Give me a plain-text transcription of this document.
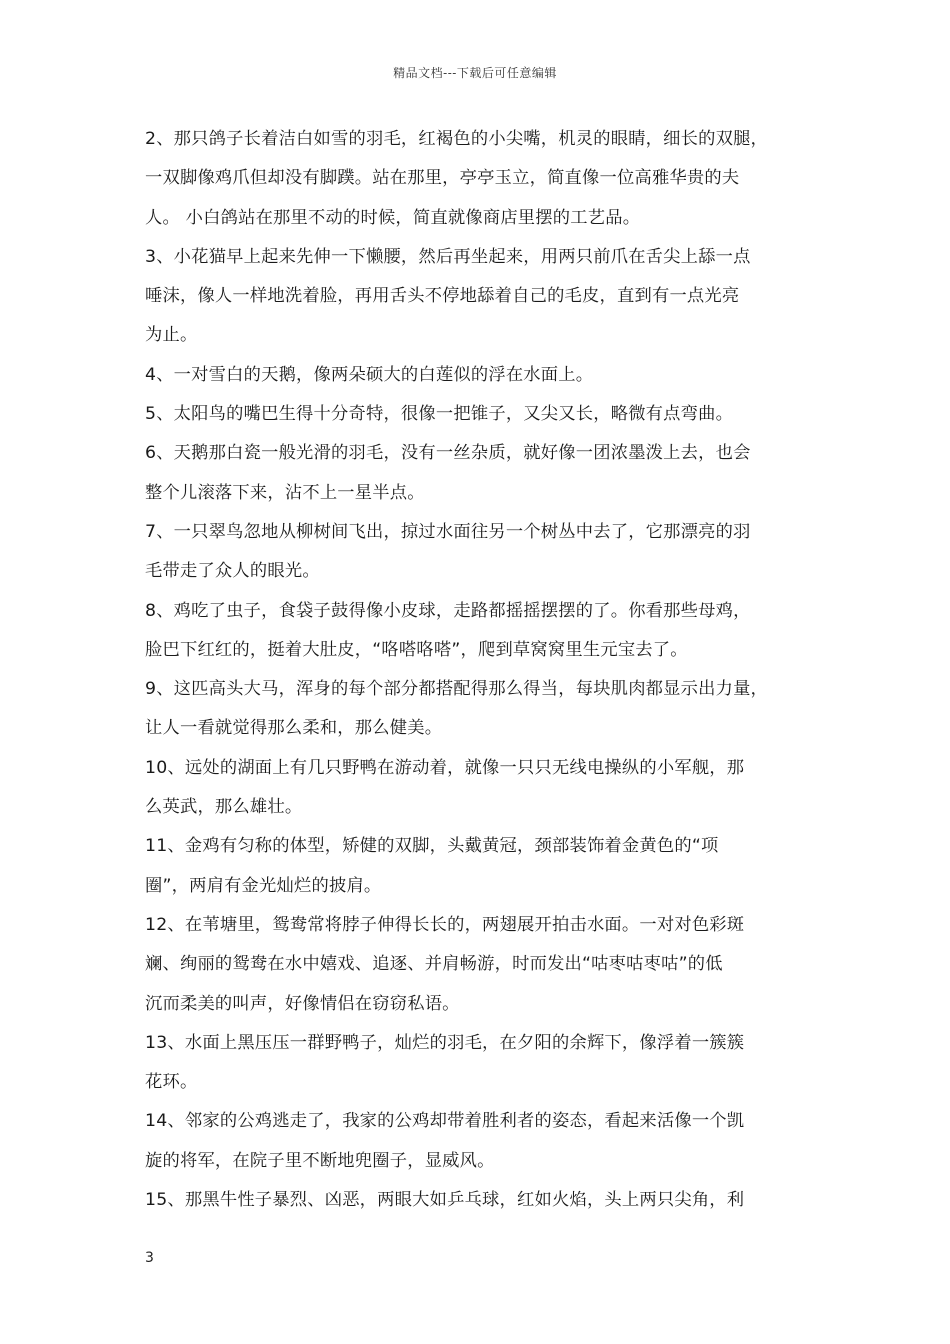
精品文档---下载后可任意编辑
2、那只鸽子长着洁白如雪的羽毛，红褐色的小尖嘴，机灵的眼睛，细长的双腿，
一双脚像鸡爪但却没有脚蹼。站在那里，亭亭玉立，简直像一位高雅华贵的夫
人。 小白鸽站在那里不动的时候，简直就像商店里摆的工艺品。
3、小花猫早上起来先伸一下懒腰，然后再坐起来，用两只前爪在舌尖上舔一点
唾沫，像人一样地洗着脸，再用舌头不停地舔着自己的毛皮，直到有一点光亮
为止。
4、一对雪白的天鹅，像两朵硕大的白莲似的浮在水面上。
5、太阳鸟的嘴巴生得十分奇特，很像一把锥子，又尖又长，略微有点弯曲。
6、天鹅那白瓷一般光滑的羽毛，没有一丝杂质，就好像一团浓墨泼上去，也会
整个儿滚落下来，沾不上一星半点。
7、一只翠鸟忽地从柳树间飞出，掠过水面往另一个树丛中去了，它那漂亮的羽
毛带走了众人的眼光。
8、鸡吃了虫子，食袋子鼓得像小皮球，走路都摇摇摆摆的了。你看那些母鸡，
脸巴下红红的，挺着大肚皮，“咯嗒咯嗒”，爬到草窝窝里生元宝去了。
9、这匹高头大马，浑身的每个部分都搭配得那么得当，每块肌肉都显示出力量，
让人一看就觉得那么柔和，那么健美。
10、远处的湖面上有几只野鸭在游动着，就像一只只无线电操纵的小军舰，那
么英武，那么雄壮。
11、金鸡有匀称的体型，矫健的双脚，头戴黄冠，颈部装饰着金黄色的“项
圈”，两肩有金光灿烂的披肩。
12、在苇塘里，鸳鸯常将脖子伸得长长的，两翅展开拍击水面。一对对色彩斑
斓、绚丽的鸳鸯在水中嬉戏、追逐、并肩畅游，时而发出“咕枣咕枣咕”的低
沉而柔美的叫声，好像情侣在窃窃私语。
13、水面上黑压压一群野鸭子，灿烂的羽毛，在夕阳的余辉下，像浮着一簇簇
花环。
14、邻家的公鸡逃走了，我家的公鸡却带着胜利者的姿态，看起来活像一个凯
旋的将军，在院子里不断地兜圈子，显威风。
15、那黑牛性子暴烈、凶恶，两眼大如乒乓球，红如火焰，头上两只尖角，利
3
